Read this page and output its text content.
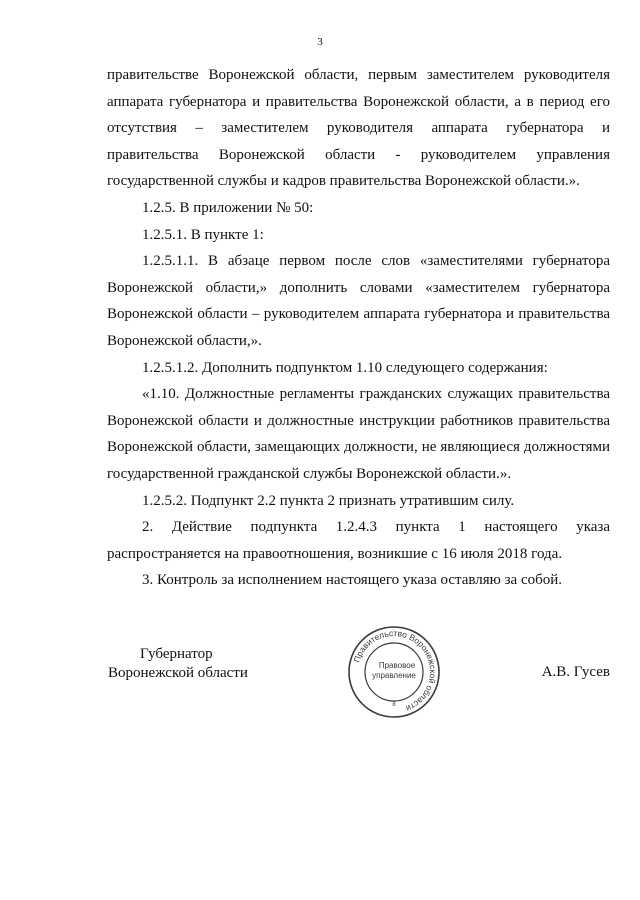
3

правительстве Воронежской области, первым заместителем руководителя аппарата губернатора и правительства Воронежской области, а в период его отсутствия – заместителем руководителя аппарата губернатора и правительства Воронежской области - руководителем управления государственной службы и кадров правительства Воронежской области.».

1.2.5. В приложении № 50:

1.2.5.1. В пункте 1:

1.2.5.1.1. В абзаце первом после слов «заместителями губернатора Воронежской области,» дополнить словами «заместителем губернатора Воронежской области – руководителем аппарата губернатора и правительства Воронежской области,».

1.2.5.1.2. Дополнить подпунктом 1.10 следующего содержания:

«1.10. Должностные регламенты гражданских служащих правительства Воронежской области и должностные инструкции работников правительства Воронежской области, замещающих должности, не являющиеся должностями государственной гражданской службы Воронежской области.».

1.2.5.2. Подпункт 2.2 пункта 2 признать утратившим силу.

2. Действие подпункта 1.2.4.3 пункта 1 настоящего указа распространяется на правоотношения, возникшие с 16 июля 2018 года.

3. Контроль за исполнением настоящего указа оставляю за собой.

Губернатор
Воронежской области
Правительство Воронежской области
Правовое
управление
8
А.В. Гусев
